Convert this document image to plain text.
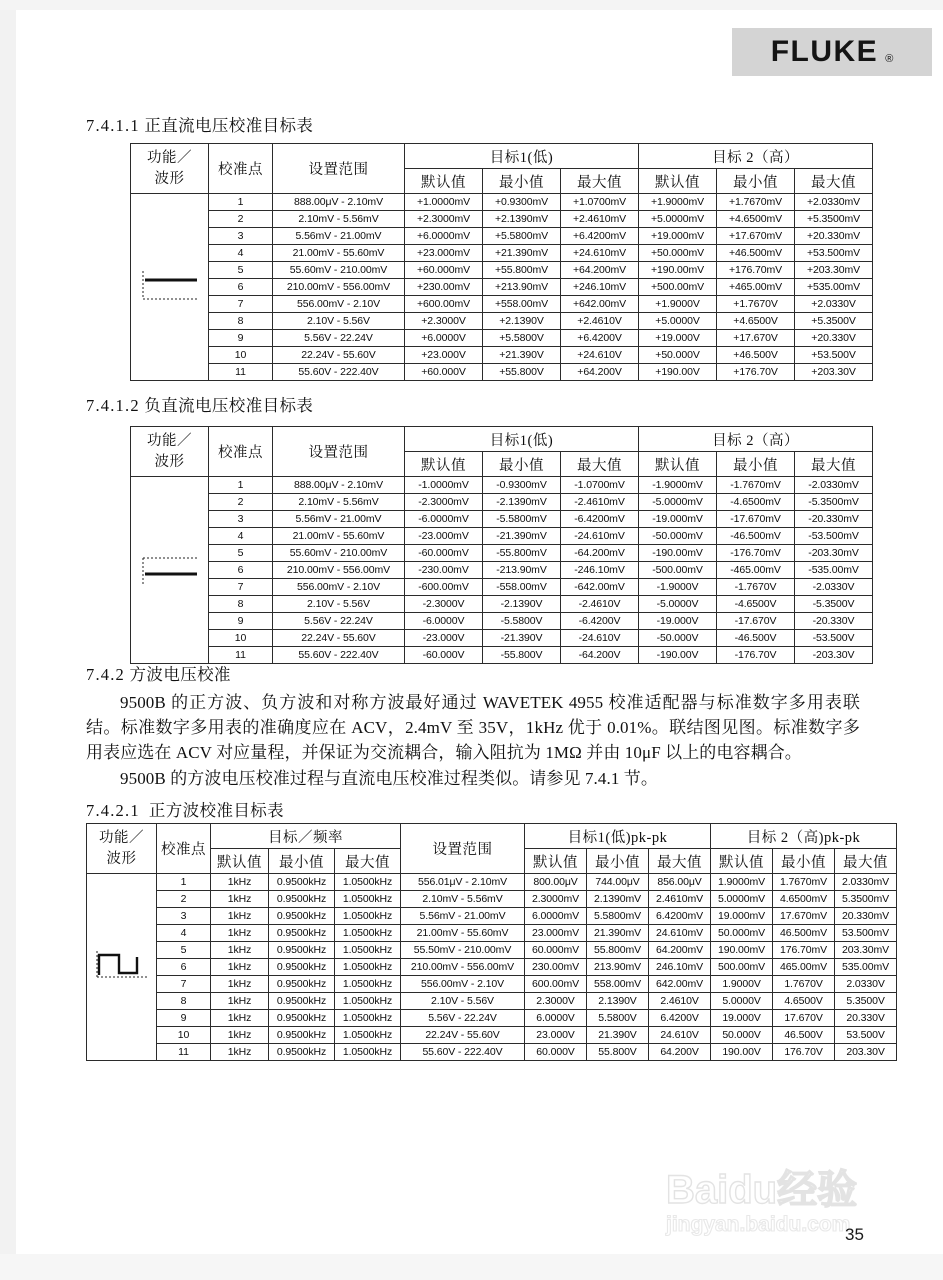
FLUKE ®
7.4.1.1 正直流电压校准目标表
功能／
波形	校准点	设置范围	目标1(低)			目标 2（高）		
			默认值	最小值	最大值	默认值	最小值	最大值

	1	888.00μV - 2.10mV	+1.0000mV	+0.9300mV	+1.0700mV	+1.9000mV	+1.7670mV	+2.0330mV
	2	2.10mV - 5.56mV	+2.3000mV	+2.1390mV	+2.4610mV	+5.0000mV	+4.6500mV	+5.3500mV
	3	5.56mV - 21.00mV	+6.0000mV	+5.5800mV	+6.4200mV	+19.000mV	+17.670mV	+20.330mV
	4	21.00mV - 55.60mV	+23.000mV	+21.390mV	+24.610mV	+50.000mV	+46.500mV	+53.500mV
	5	55.60mV - 210.00mV	+60.000mV	+55.800mV	+64.200mV	+190.00mV	+176.70mV	+203.30mV
	6	210.00mV - 556.00mV	+230.00mV	+213.90mV	+246.10mV	+500.00mV	+465.00mV	+535.00mV
	7	556.00mV - 2.10V	+600.00mV	+558.00mV	+642.00mV	+1.9000V	+1.7670V	+2.0330V
	8	2.10V - 5.56V	+2.3000V	+2.1390V	+2.4610V	+5.0000V	+4.6500V	+5.3500V
	9	5.56V - 22.24V	+6.0000V	+5.5800V	+6.4200V	+19.000V	+17.670V	+20.330V
	10	22.24V - 55.60V	+23.000V	+21.390V	+24.610V	+50.000V	+46.500V	+53.500V
	11	55.60V - 222.40V	+60.000V	+55.800V	+64.200V	+190.00V	+176.70V	+203.30V
7.4.1.2 负直流电压校准目标表
功能／
波形	校准点	设置范围	目标1(低)			目标 2（高）		
			默认值	最小值	最大值	默认值	最小值	最大值

	1	888.00μV - 2.10mV	-1.0000mV	-0.9300mV	-1.0700mV	-1.9000mV	-1.7670mV	-2.0330mV
	2	2.10mV - 5.56mV	-2.3000mV	-2.1390mV	-2.4610mV	-5.0000mV	-4.6500mV	-5.3500mV
	3	5.56mV - 21.00mV	-6.0000mV	-5.5800mV	-6.4200mV	-19.000mV	-17.670mV	-20.330mV
	4	21.00mV - 55.60mV	-23.000mV	-21.390mV	-24.610mV	-50.000mV	-46.500mV	-53.500mV
	5	55.60mV - 210.00mV	-60.000mV	-55.800mV	-64.200mV	-190.00mV	-176.70mV	-203.30mV
	6	210.00mV - 556.00mV	-230.00mV	-213.90mV	-246.10mV	-500.00mV	-465.00mV	-535.00mV
	7	556.00mV - 2.10V	-600.00mV	-558.00mV	-642.00mV	-1.9000V	-1.7670V	-2.0330V
	8	2.10V - 5.56V	-2.3000V	-2.1390V	-2.4610V	-5.0000V	-4.6500V	-5.3500V
	9	5.56V - 22.24V	-6.0000V	-5.5800V	-6.4200V	-19.000V	-17.670V	-20.330V
	10	22.24V - 55.60V	-23.000V	-21.390V	-24.610V	-50.000V	-46.500V	-53.500V
	11	55.60V - 222.40V	-60.000V	-55.800V	-64.200V	-190.00V	-176.70V	-203.30V
7.4.2 方波电压校准
9500B 的正方波、负方波和对称方波最好通过 WAVETEK 4955 校准适配器与标准数字多用表联结。标准数字多用表的准确度应在 ACV，2.4mV 至 35V，1kHz 优于 0.01%。联结图见图。标准数字多用表应选在 ACV 对应量程，并保证为交流耦合，输入阻抗为 1MΩ 并由 10μF 以上的电容耦合。
9500B 的方波电压校准过程与直流电压校准过程类似。请参见 7.4.1 节。
7.4.2.1 正方波校准目标表
功能／
波形	校准点	目标／频率			设置范围	目标1(低)pk-pk			目标 2（高)pk-pk		
		默认值	最小值	最大值		默认值	最小值	最大值	默认值	最小值	最大值

	1	1kHz	0.9500kHz	1.0500kHz	556.01μV - 2.10mV	800.00μV	744.00μV	856.00μV	1.9000mV	1.7670mV	2.0330mV
	2	1kHz	0.9500kHz	1.0500kHz	2.10mV - 5.56mV	2.3000mV	2.1390mV	2.4610mV	5.0000mV	4.6500mV	5.3500mV
	3	1kHz	0.9500kHz	1.0500kHz	5.56mV - 21.00mV	6.0000mV	5.5800mV	6.4200mV	19.000mV	17.670mV	20.330mV
	4	1kHz	0.9500kHz	1.0500kHz	21.00mV - 55.60mV	23.000mV	21.390mV	24.610mV	50.000mV	46.500mV	53.500mV
	5	1kHz	0.9500kHz	1.0500kHz	55.50mV - 210.00mV	60.000mV	55.800mV	64.200mV	190.00mV	176.70mV	203.30mV
	6	1kHz	0.9500kHz	1.0500kHz	210.00mV - 556.00mV	230.00mV	213.90mV	246.10mV	500.00mV	465.00mV	535.00mV
	7	1kHz	0.9500kHz	1.0500kHz	556.00mV - 2.10V	600.00mV	558.00mV	642.00mV	1.9000V	1.7670V	2.0330V
	8	1kHz	0.9500kHz	1.0500kHz	2.10V - 5.56V	2.3000V	2.1390V	2.4610V	5.0000V	4.6500V	5.3500V
	9	1kHz	0.9500kHz	1.0500kHz	5.56V - 22.24V	6.0000V	5.5800V	6.4200V	19.000V	17.670V	20.330V
	10	1kHz	0.9500kHz	1.0500kHz	22.24V - 55.60V	23.000V	21.390V	24.610V	50.000V	46.500V	53.500V
	11	1kHz	0.9500kHz	1.0500kHz	55.60V - 222.40V	60.000V	55.800V	64.200V	190.00V	176.70V	203.30V
Baidu经验
jingyan.baidu.com
35
